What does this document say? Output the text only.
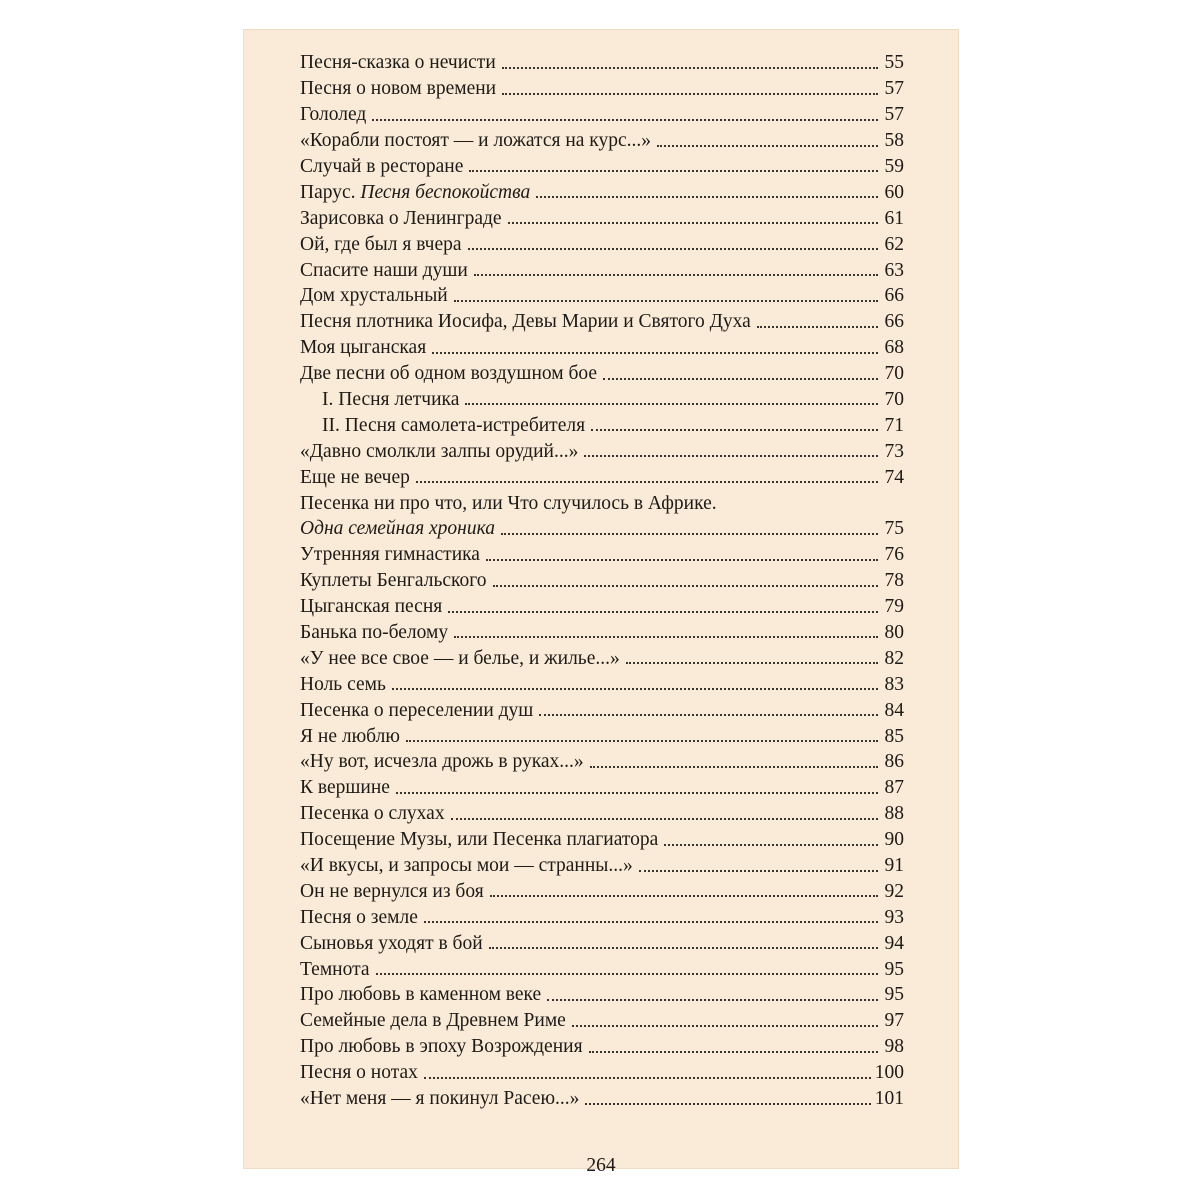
Песня-сказка о нечисти	55
Песня о новом времени	57
Гололед	57
«Корабли постоят — и ложатся на курс...»	58
Случай в ресторане	59
Парус. Песня беспокойства	60
Зарисовка о Ленинграде	61
Ой, где был я вчера	62
Спасите наши души	63
Дом хрустальный	66
Песня плотника Иосифа, Девы Марии и Святого Духа	66
Моя цыганская	68
Две песни об одном воздушном бое	70
I. Песня летчика	70
II. Песня самолета-истребителя	71
«Давно смолкли залпы орудий...»	73
Еще не вечер	74
Песенка ни про что, или Что случилось в Африке.
Одна семейная хроника	75
Утренняя гимнастика	76
Куплеты Бенгальского	78
Цыганская песня	79
Банька по-белому	80
«У нее все свое — и белье, и жилье...»	82
Ноль семь	83
Песенка о переселении душ	84
Я не люблю	85
«Ну вот, исчезла дрожь в руках...»	86
К вершине	87
Песенка о слухах	88
Посещение Музы, или Песенка плагиатора	90
«И вкусы, и запросы мои — странны...»	91
Он не вернулся из боя	92
Песня о земле	93
Сыновья уходят в бой	94
Темнота	95
Про любовь в каменном веке	95
Семейные дела в Древнем Риме	97
Про любовь в эпоху Возрождения	98
Песня о нотах	100
«Нет меня — я покинул Расею...»	101
264
